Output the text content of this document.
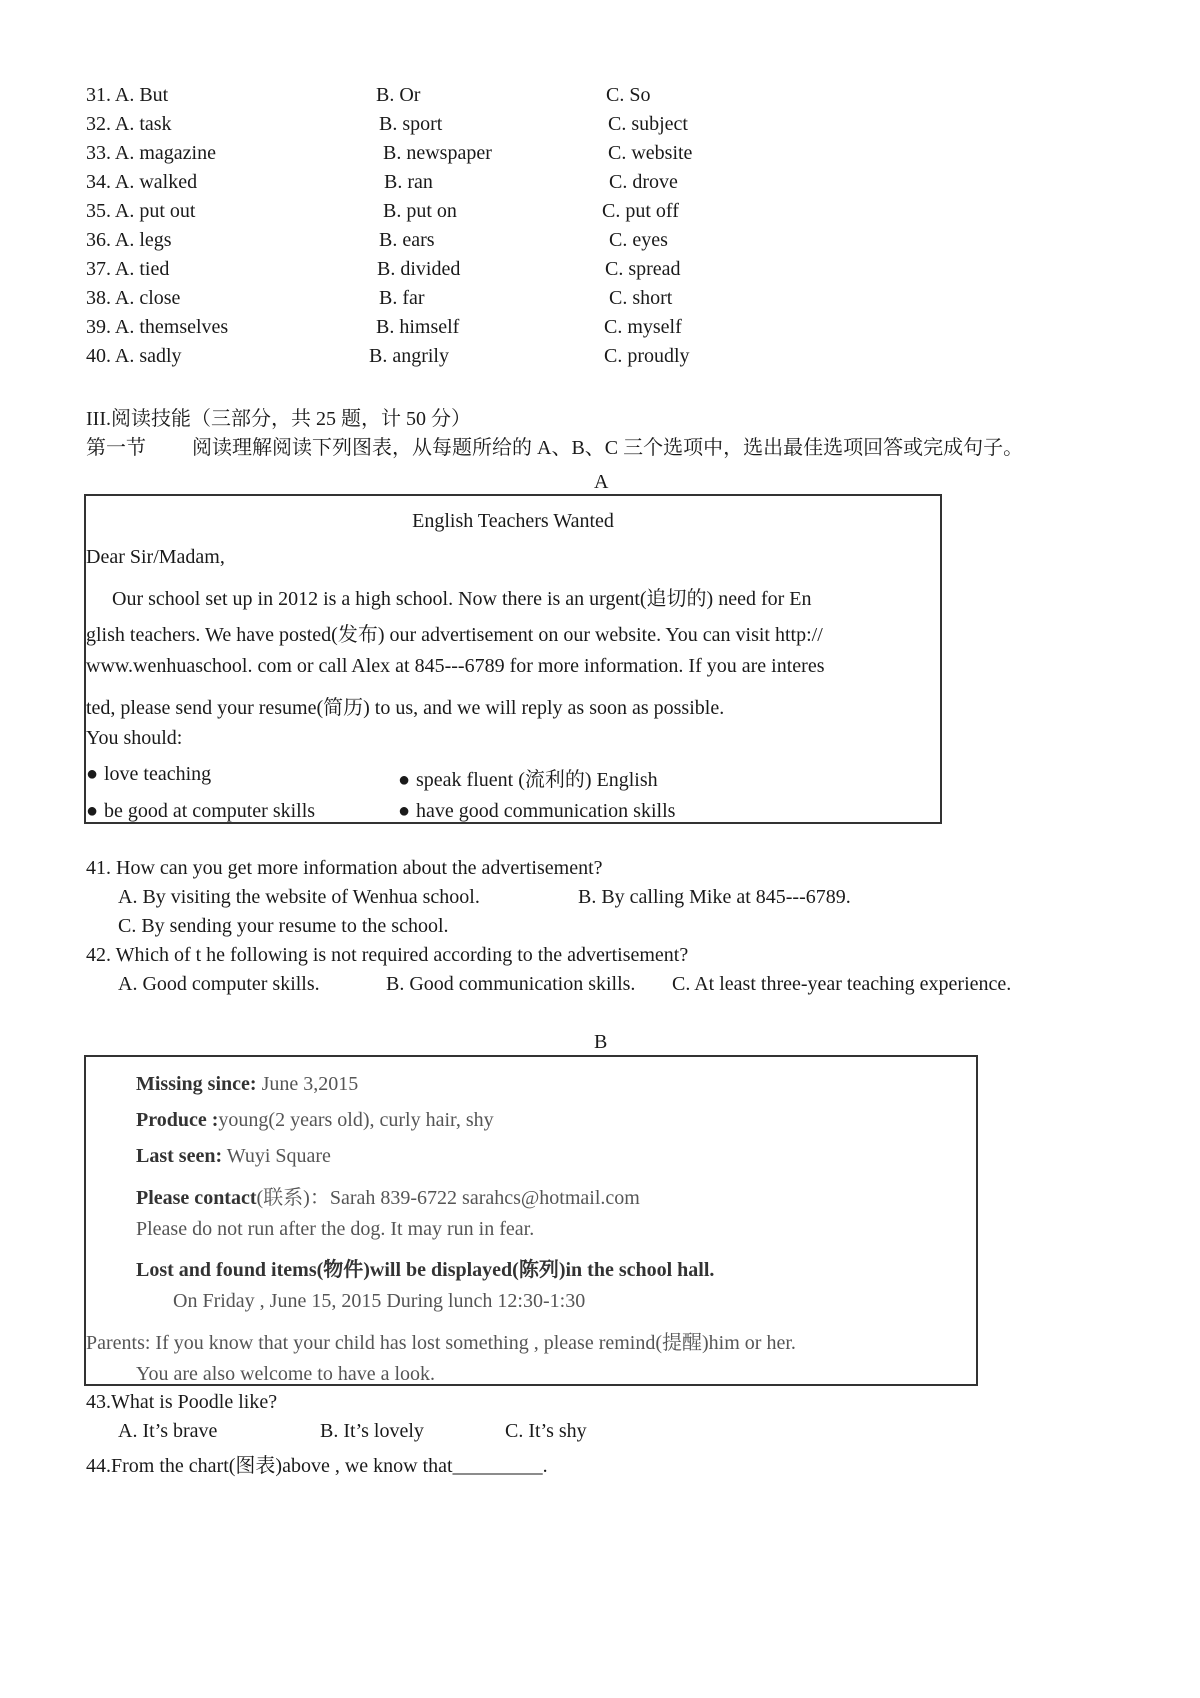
31. A. But	B. Or	C. So
32. A. task	B. sport	C. subject
33. A. magazine	B. newspaper	C. website
34. A. walked	B. ran	C. drove
35. A. put out	B. put on	C. put off
36. A. legs	B. ears	C. eyes
37. A. tied	B. divided	C. spread
38. A. close	B. far	C. short
39. A. themselves	B. himself	C. myself
40. A. sadly	B. angrily	C. proudly
III.阅读技能（三部分，共 25 题，计 50 分）
第一节 阅读理解阅读下列图表，从每题所给的 A、B、C 三个选项中，选出最佳选项回答或完成句子。
A
English Teachers Wanted
Dear Sir/Madam,
Our school set up in 2012 is a high school. Now there is an urgent(追切的) need for En
glish teachers. We have posted(发布) our advertisement on our website. You can visit http://
www.wenhuaschool. com or call Alex at 845---6789 for more information. If you are interes
ted, please send your resume(简历) to us, and we will reply as soon as possible.
You should:
● love teaching	● speak fluent (流利的) English
● be good at computer skills	● have good communication skills
41. How can you get more information about the advertisement?
A. By visiting the website of Wenhua school.	B. By calling Mike at 845---6789.
C. By sending your resume to the school.
42. Which of t he following is not required according to the advertisement?
A. Good computer skills.	B. Good communication skills. C. At least three-year teaching experience.
B
Missing since: June 3,2015
Produce :young(2 years old), curly hair, shy
Last seen: Wuyi Square
Please contact(联系)：Sarah 839-6722 sarahcs@hotmail.com
Please do not run after the dog. It may run in fear.
Lost and found items(物件)will be displayed(陈列)in the school hall.
On Friday , June 15, 2015 During lunch 12:30-1:30
Parents: If you know that your child has lost something , please remind(提醒)him or her.
You are also welcome to have a look.
43.What is Poodle like?
A. It’s brave	B. It’s lovely	C. It’s shy
44.From the chart(图表)above , we know that_________.
